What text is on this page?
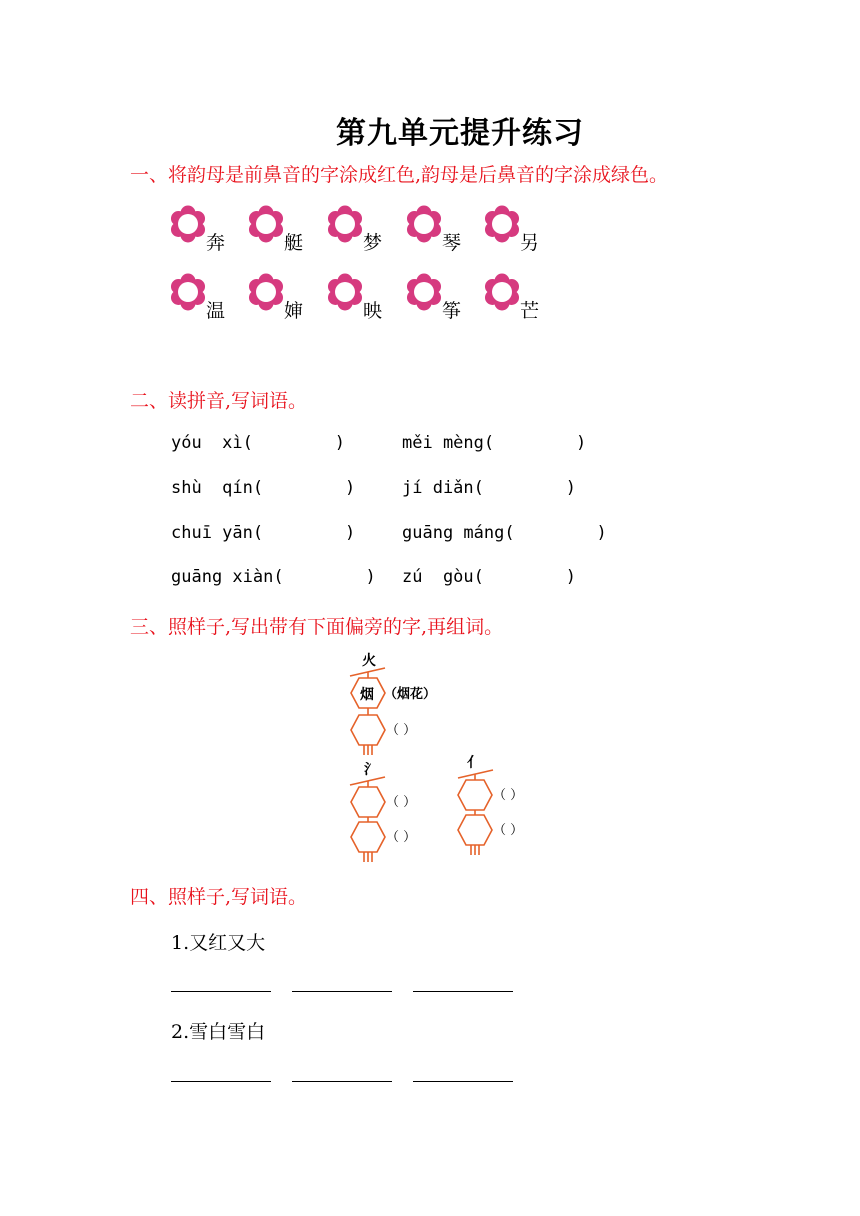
第九单元提升练习
一、将韵母是前鼻音的字涂成红色,韵母是后鼻音的字涂成绿色。
奔	艇	梦	琴	另
温	婶	映	筝	芒
二、读拼音,写词语。
yóu  xì(        )	měi mèng(        )
shù  qín(        )	jí diǎn(        )
chuī yān(        )	guāng máng(        )
guāng xiàn(        ) zú  gòu(        )
三、照样子,写出带有下面偏旁的字,再组词。
火
烟 （烟花）
（ ）
氵
（ ）
（ ）
亻
（ ）
（ ）
四、照样子,写词语。
1.又红又大
2.雪白雪白
